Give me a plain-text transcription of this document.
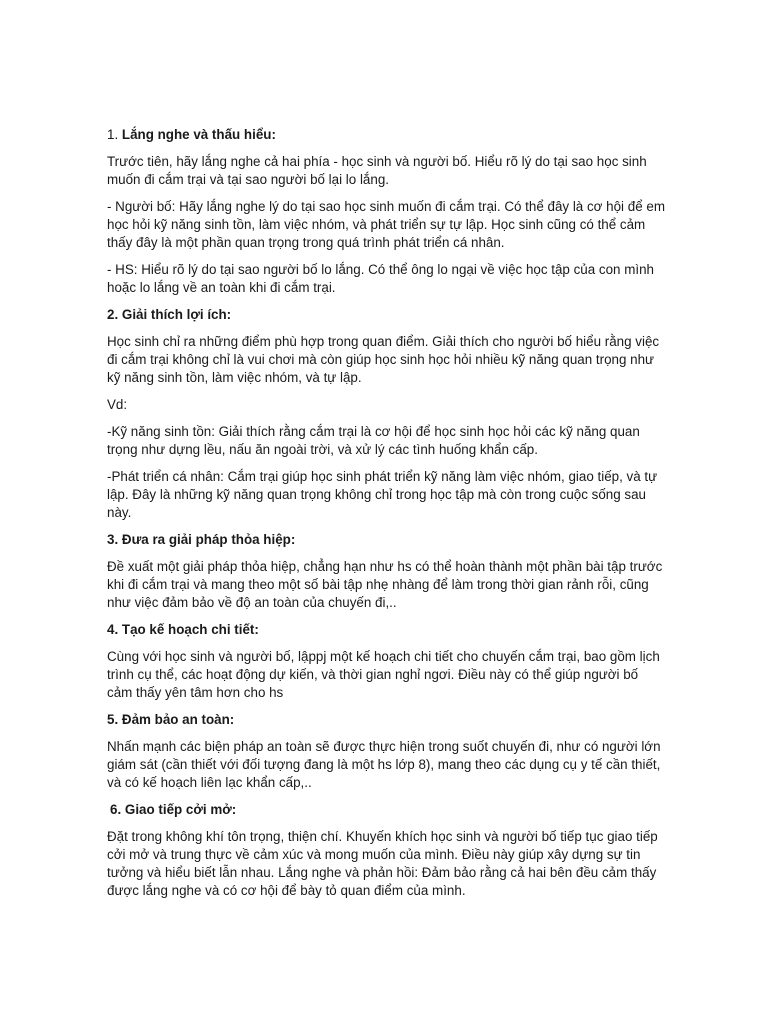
1. Lắng nghe và thấu hiểu:

Trước tiên, hãy lắng nghe cả hai phía - học sinh và người bố. Hiểu rõ lý do tại sao học sinh muốn đi cắm trại và tại sao người bố lại lo lắng.

- Người bố: Hãy lắng nghe lý do tại sao học sinh muốn đi cắm trại. Có thể đây là cơ hội để em học hỏi kỹ năng sinh tồn, làm việc nhóm, và phát triển sự tự lập. Học sinh cũng có thể cảm thấy đây là một phần quan trọng trong quá trình phát triển cá nhân.

- HS: Hiểu rõ lý do tại sao người bố lo lắng. Có thể ông lo ngại về việc học tập của con mình hoặc lo lắng về an toàn khi đi cắm trại.

2. Giải thích lợi ích:

Học sinh chỉ ra những điểm phù hợp trong quan điểm. Giải thích cho người bố hiểu rằng việc đi cắm trại không chỉ là vui chơi mà còn giúp học sinh học hỏi nhiều kỹ năng quan trọng như kỹ năng sinh tồn, làm việc nhóm, và tự lập.

Vd:

-Kỹ năng sinh tồn: Giải thích rằng cắm trại là cơ hội để học sinh học hỏi các kỹ năng quan trọng như dựng lều, nấu ăn ngoài trời, và xử lý các tình huống khẩn cấp.

-Phát triển cá nhân: Cắm trại giúp học sinh phát triển kỹ năng làm việc nhóm, giao tiếp, và tự lập. Đây là những kỹ năng quan trọng không chỉ trong học tập mà còn trong cuộc sống sau này.

3. Đưa ra giải pháp thỏa hiệp:

Đề xuất một giải pháp thỏa hiệp, chẳng hạn như hs có thể hoàn thành một phần bài tập trước khi đi cắm trại và mang theo một số bài tập nhẹ nhàng để làm trong thời gian rảnh rỗi, cũng như việc đảm bảo về độ an toàn của chuyến đi,..

4. Tạo kế hoạch chi tiết:

Cùng với học sinh và người bố, lậppj một kế hoạch chi tiết cho chuyến cắm trại, bao gồm lịch trình cụ thể, các hoạt động dự kiến, và thời gian nghỉ ngơi. Điều này có thể giúp người bố cảm thấy yên tâm hơn cho hs

5. Đảm bảo an toàn:

Nhấn mạnh các biện pháp an toàn sẽ được thực hiện trong suốt chuyến đi, như có người lớn giám sát (cần thiết với đối tượng đang là một hs lớp 8), mang theo các dụng cụ y tế cần thiết, và có kế hoạch liên lạc khẩn cấp,..

6. Giao tiếp cởi mở:

Đặt trong không khí tôn trọng, thiện chí. Khuyến khích học sinh và người bố tiếp tục giao tiếp cởi mở và trung thực về cảm xúc và mong muốn của mình. Điều này giúp xây dựng sự tin tưởng và hiểu biết lẫn nhau. Lắng nghe và phản hồi: Đảm bảo rằng cả hai bên đều cảm thấy được lắng nghe và có cơ hội để bày tỏ quan điểm của mình.
